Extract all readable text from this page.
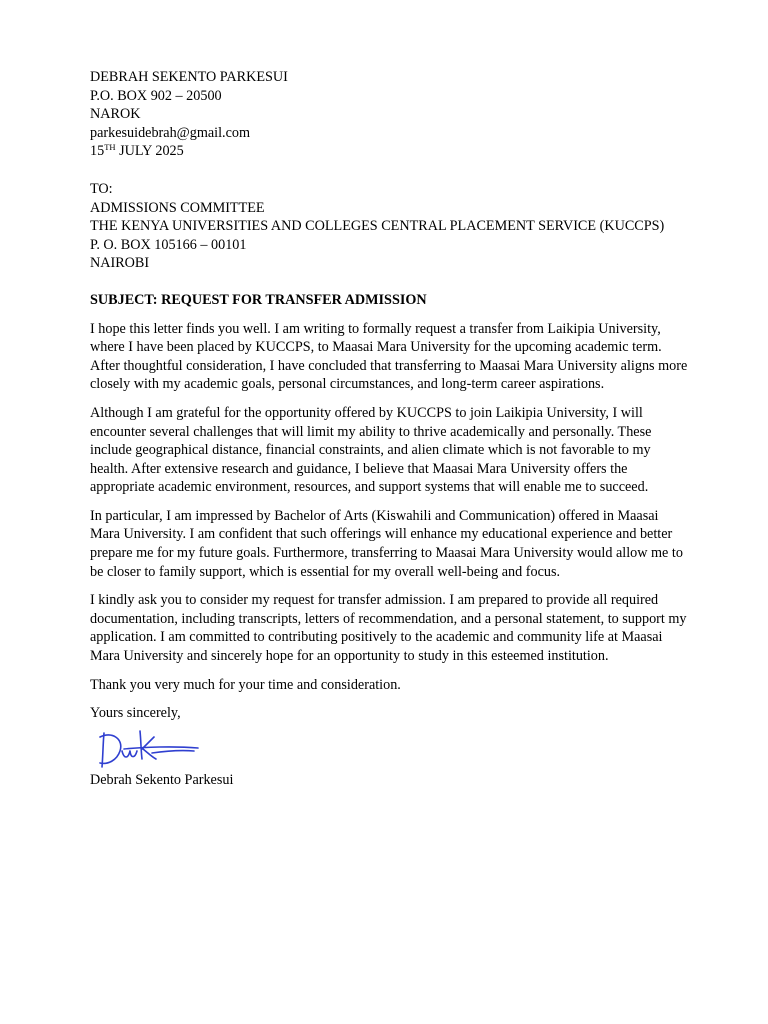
DEBRAH SEKENTO PARKESUI
P.O. BOX 902 – 20500
NAROK
parkesuidebrah@gmail.com
15TH JULY 2025
TO:
ADMISSIONS COMMITTEE
THE KENYA UNIVERSITIES AND COLLEGES CENTRAL PLACEMENT SERVICE (KUCCPS)
P. O. BOX 105166 – 00101
NAIROBI
SUBJECT: REQUEST FOR TRANSFER ADMISSION

I hope this letter finds you well. I am writing to formally request a transfer from Laikipia University, where I have been placed by KUCCPS, to Maasai Mara University for the upcoming academic term. After thoughtful consideration, I have concluded that transferring to Maasai Mara University aligns more closely with my academic goals, personal circumstances, and long-term career aspirations.

Although I am grateful for the opportunity offered by KUCCPS to join Laikipia University, I will encounter several challenges that will limit my ability to thrive academically and personally. These include geographical distance, financial constraints, and alien climate which is not favorable to my health. After extensive research and guidance, I believe that Maasai Mara University offers the appropriate academic environment, resources, and support systems that will enable me to succeed.

In particular, I am impressed by Bachelor of Arts (Kiswahili and Communication) offered in Maasai Mara University. I am confident that such offerings will enhance my educational experience and better prepare me for my future goals. Furthermore, transferring to Maasai Mara University would allow me to be closer to family support, which is essential for my overall well-being and focus.

I kindly ask you to consider my request for transfer admission. I am prepared to provide all required documentation, including transcripts, letters of recommendation, and a personal statement, to support my application. I am committed to contributing positively to the academic and community life at Maasai Mara University and sincerely hope for an opportunity to study in this esteemed institution.

Thank you very much for your time and consideration.
Yours sincerely,
Debrah Sekento Parkesui
